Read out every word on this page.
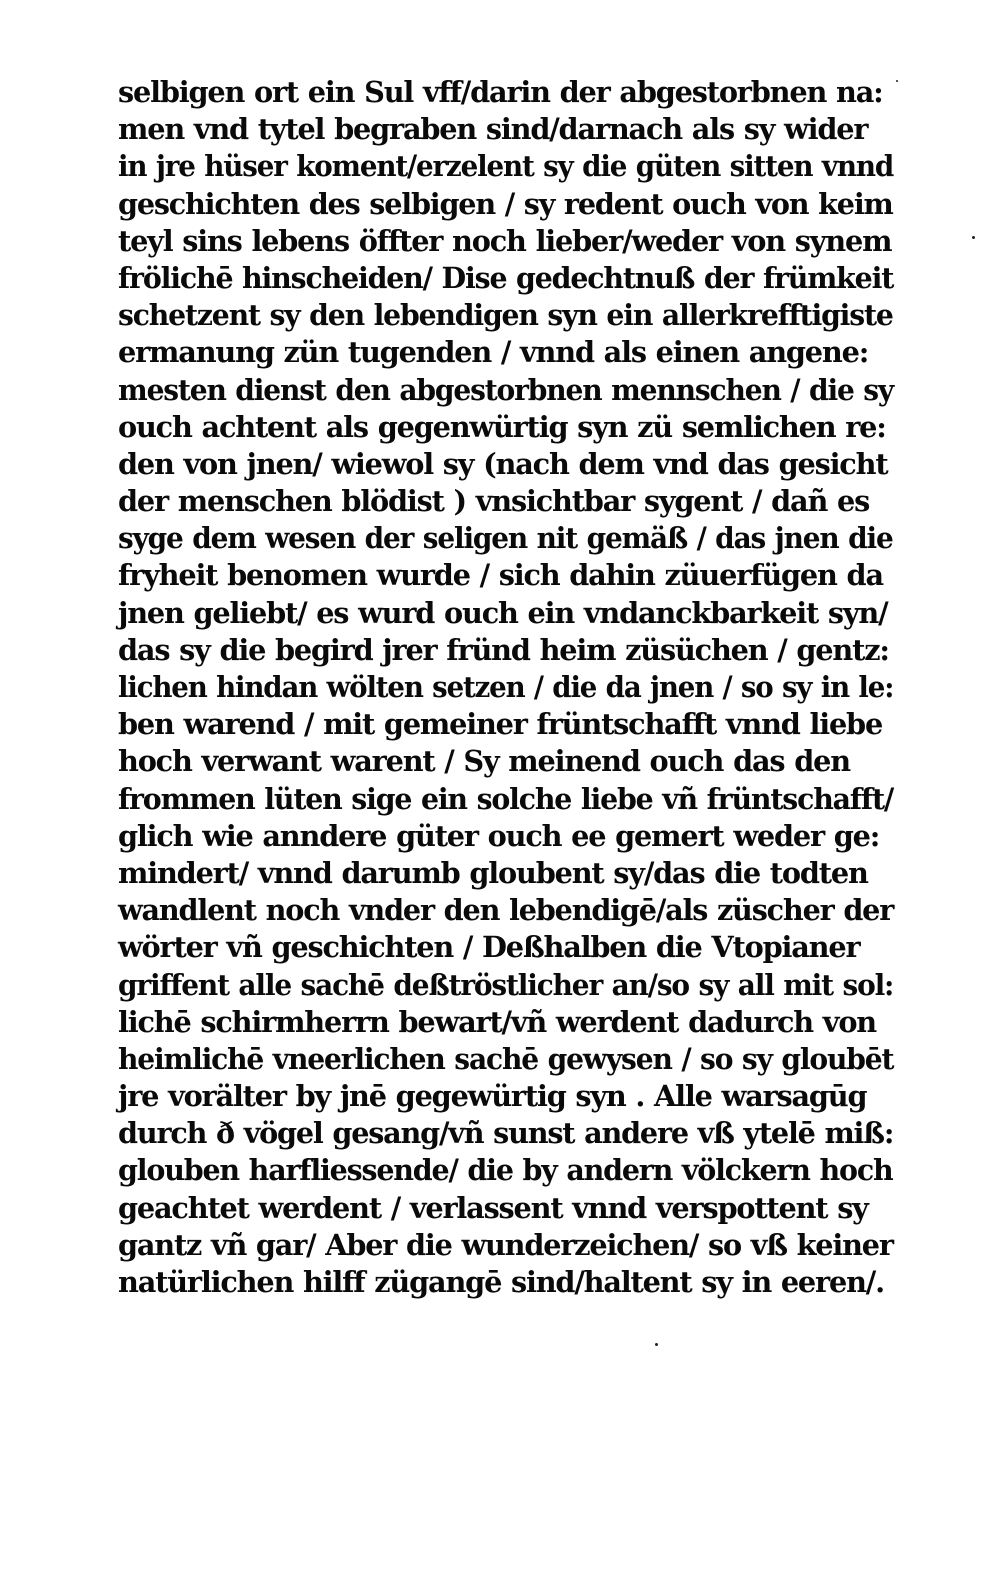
selbigen ort ein Sul vff/darin der abgestorbnen na:
men vnd tytel begraben sind/darnach als sy wider
in jre hüser koment/erzelent sy die güten sitten vnnd
geschichten des selbigen / sy redent ouch von keim
teyl sins lebens öffter noch lieber/weder von synem
frölichē hinscheiden/ Dise gedechtnuß der frümkeit
schetzent sy den lebendigen syn ein allerkrefftigiste
ermanung zün tugenden / vnnd als einen angene:
mesten dienst den abgestorbnen mennschen / die sy
ouch achtent als gegenwürtig syn zü semlichen re:
den von jnen/ wiewol sy (nach dem vnd das gesicht
der menschen blödist ) vnsichtbar sygent / dañ es
syge dem wesen der seligen nit gemäß / das jnen die
fryheit benomen wurde / sich dahin züuerfügen da
jnen geliebt/ es wurd ouch ein vndanckbarkeit syn/
das sy die begird jrer fründ heim züsüchen / gentz:
lichen hindan wölten setzen / die da jnen / so sy in le:
ben warend / mit gemeiner früntschafft vnnd liebe
hoch verwant warent / Sy meinend ouch das den
frommen lüten sige ein solche liebe vñ früntschafft/
glich wie anndere güter ouch ee gemert weder ge:
mindert/ vnnd darumb gloubent sy/das die todten
wandlent noch vnder den lebendigē/als züscher der
wörter vñ geschichten / Deßhalben die Vtopianer
griffent alle sachē deßtröstlicher an/so sy all mit sol:
lichē schirmherrn bewart/vñ werdent dadurch von
heimlichē vneerlichen sachē gewysen / so sy gloubēt
jre vorälter by jnē gegewürtig syn . Alle warsagūg
durch ð vögel gesang/vñ sunst andere vß ytelē miß:
glouben harfliessende/ die by andern völckern hoch
geachtet werdent / verlassent vnnd verspottent sy
gantz vñ gar/ Aber die wunderzeichen/ so vß keiner
natürlichen hilff zügangē sind/haltent sy in eeren/.
